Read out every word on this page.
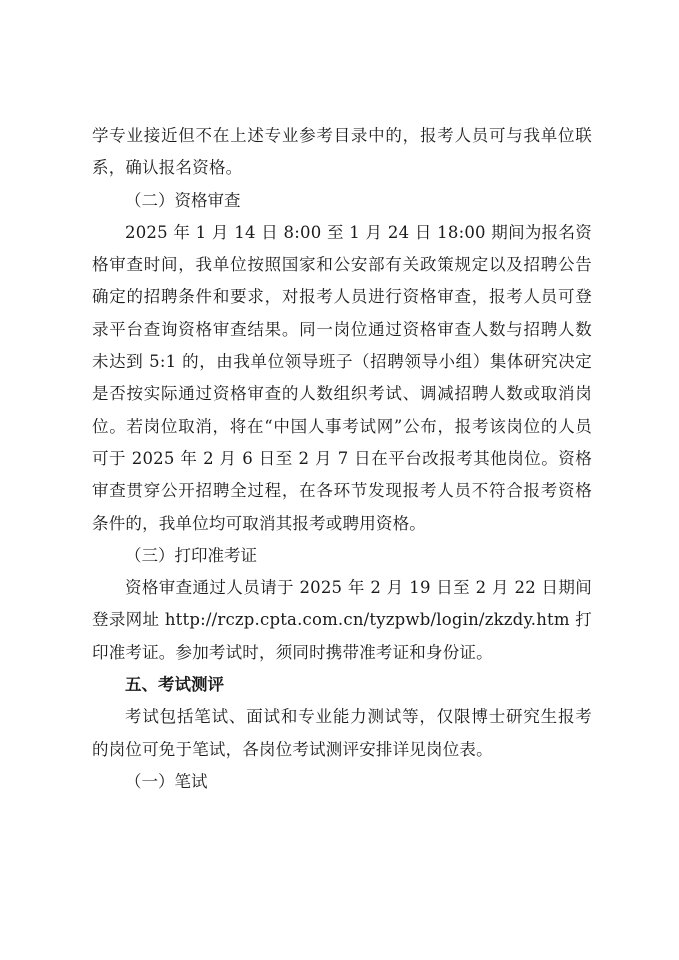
学专业接近但不在上述专业参考目录中的，报考人员可与我单位联系，确认报名资格。

（二）资格审查

2025 年 1 月 14 日 8:00 至 1 月 24 日 18:00 期间为报名资格审查时间，我单位按照国家和公安部有关政策规定以及招聘公告确定的招聘条件和要求，对报考人员进行资格审查，报考人员可登录平台查询资格审查结果。同一岗位通过资格审查人数与招聘人数未达到 5:1 的，由我单位领导班子（招聘领导小组）集体研究决定是否按实际通过资格审查的人数组织考试、调减招聘人数或取消岗位。若岗位取消，将在“中国人事考试网”公布，报考该岗位的人员可于 2025 年 2 月 6 日至 2 月 7 日在平台改报考其他岗位。资格审查贯穿公开招聘全过程，在各环节发现报考人员不符合报考资格条件的，我单位均可取消其报考或聘用资格。

（三）打印准考证

资格审查通过人员请于 2025 年 2 月 19 日至 2 月 22 日期间登录网址 http://rczp.cpta.com.cn/tyzpwb/login/zkzdy.htm 打印准考证。参加考试时，须同时携带准考证和身份证。

五、考试测评

考试包括笔试、面试和专业能力测试等，仅限博士研究生报考的岗位可免于笔试，各岗位考试测评安排详见岗位表。

（一）笔试
